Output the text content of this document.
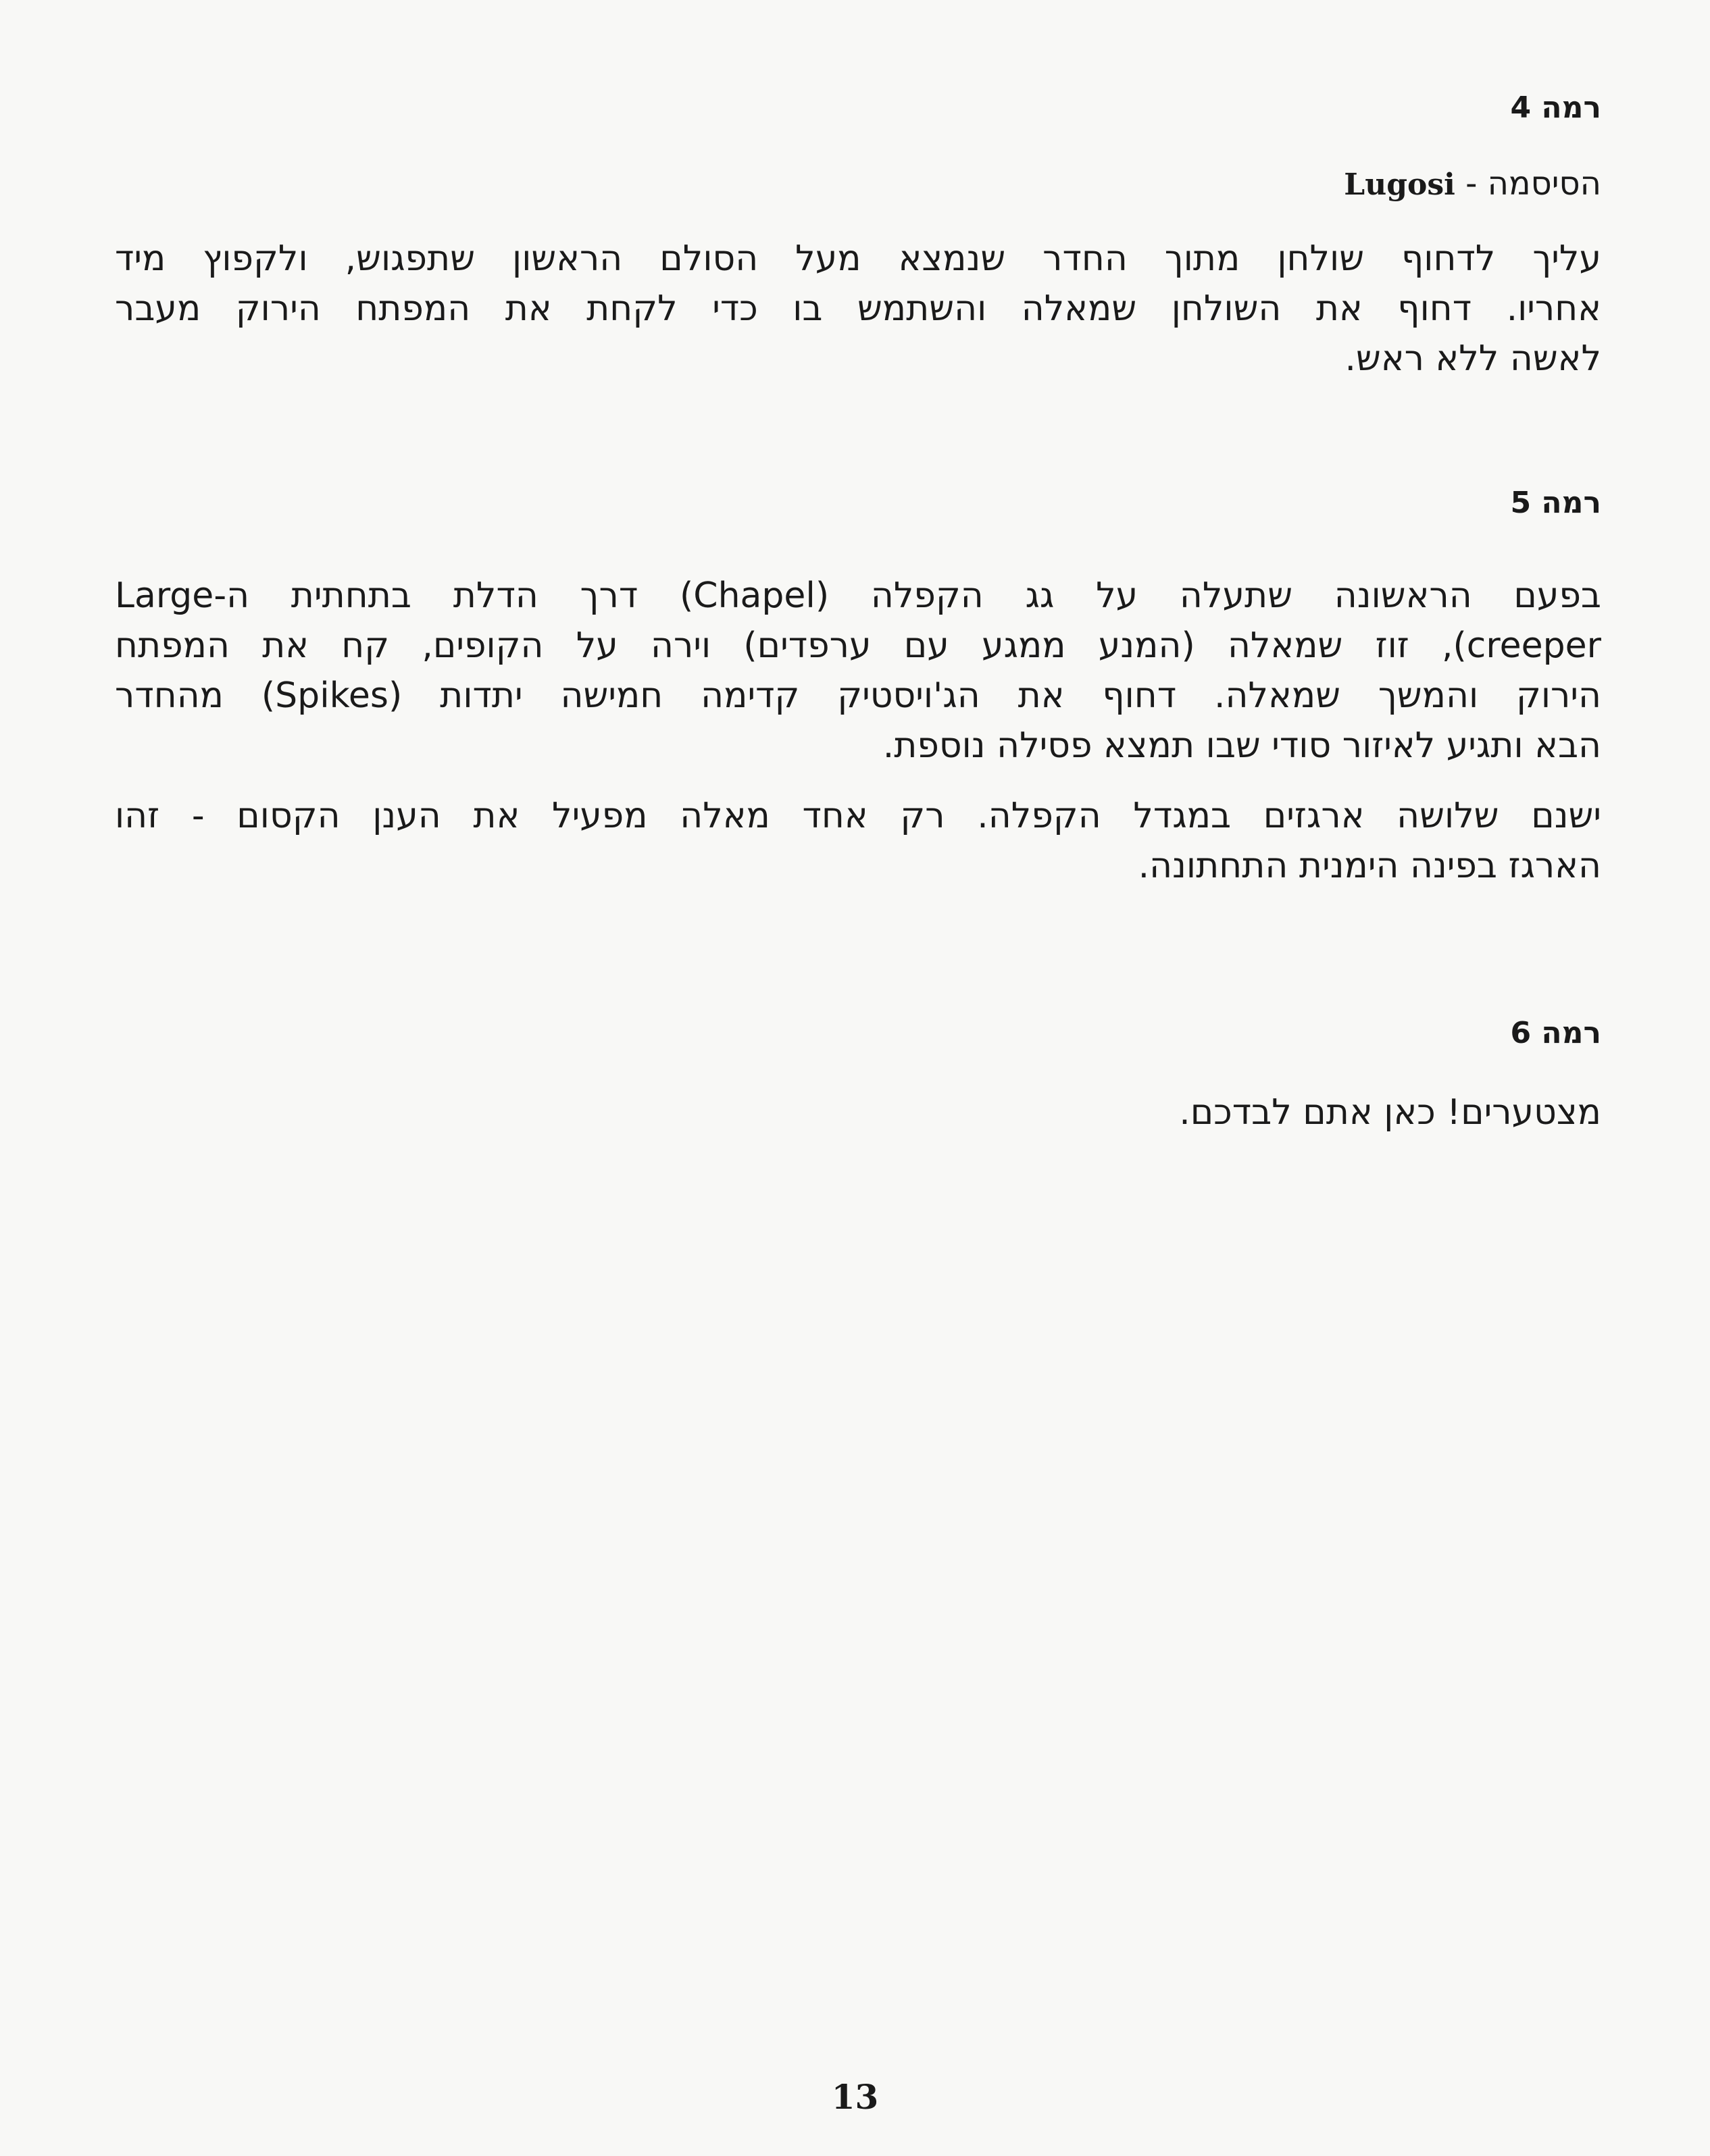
רמה 4

הסיסמה - Lugosi

עליך לדחוף שולחן מתוך החדר שנמצא מעל הסולם הראשון שתפגוש, ולקפוץ מיד
אחריו. דחוף את השולחן שמאלה והשתמש בו כדי לקחת את המפתח הירוק מעבר
לאשה ללא ראש.
רמה 5
בפעם הראשונה שתעלה על גג הקפלה (Chapel) דרך הדלת בתחתית ה-Large
creeper), זוז שמאלה (המנע ממגע עם ערפדים) וירה על הקופים, קח את המפתח
הירוק והמשך שמאלה. דחוף את הג'ויסטיק קדימה חמישה יתדות (Spikes) מהחדר
הבא ותגיע לאיזור סודי שבו תמצא פסילה נוספת.
ישנם שלושה ארגזים במגדל הקפלה. רק אחד מאלה מפעיל את הענן הקסום - זהו
הארגז בפינה הימנית התחתונה.
רמה 6
מצטערים! כאן אתם לבדכם.
13
